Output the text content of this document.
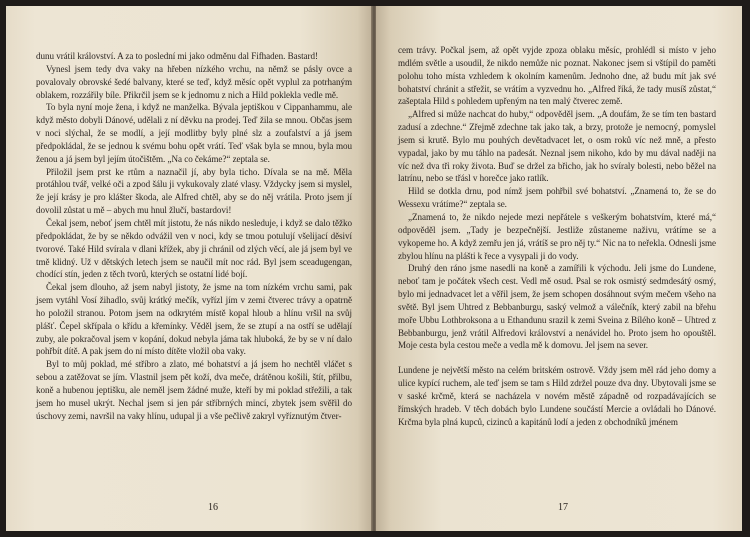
dunu vrátil království. A za to poslední mi jako odměnu dal Fifhaden. Bastard!

Vynesl jsem tedy dva vaky na hřeben nízkého vrchu, na němž se pásly ovce a povalovaly obrovské šedé balvany, které se teď, když měsíc opět vyplul za potrhaným oblakem, rozzářily bíle. Přikrčil jsem se k jednomu z nich a Hild poklekla vedle mě.

To byla nyní moje žena, i když ne manželka. Bývala jeptiškou v Cippanhammu, ale když město dobyli Dánové, udělali z ní děvku na prodej. Teď žila se mnou. Občas jsem v noci slýchal, že se modlí, a její modlitby byly plné slz a zoufalství a já jsem předpokládal, že se jednou k svému bohu opět vrátí. Teď však byla se mnou, byla mou ženou a já jsem byl jejím útočištěm. „Na co čekáme?“ zeptala se.

Přiložil jsem prst ke rtům a naznačil jí, aby byla ticho. Dívala se na mě. Měla protáhlou tvář, velké oči a zpod šálu ji vykukovaly zlaté vlasy. Vždycky jsem si myslel, že její krásy je pro klášter škoda, ale Alfred chtěl, aby se do něj vrátila. Proto jsem jí dovolil zůstat u mě – abych mu hnul žlučí, bastardovi!

Čekal jsem, neboť jsem chtěl mít jistotu, že nás nikdo nesleduje, i když se dalo těžko předpokládat, že by se někdo odvážil ven v noci, kdy se tmou potulují všelijací děsiví tvorové. Také Hild svírala v dlani křížek, aby ji chránil od zlých věcí, ale já jsem byl ve tmě klidný. Už v dětských letech jsem se naučil mít noc rád. Byl jsem sceadugengan, chodící stín, jeden z těch tvorů, kterých se ostatní lidé bojí.

Čekal jsem dlouho, až jsem nabyl jistoty, že jsme na tom nízkém vrchu sami, pak jsem vytáhl Vosí žihadlo, svůj krátký mečík, vyřízl jím v zemi čtverec trávy a opatrně ho položil stranou. Potom jsem na odkrytém místě kopal hloub a hlínu vršil na svůj plášť. Čepel skřípala o křídu a křemínky. Věděl jsem, že se ztupí a na ostří se udělají zuby, ale pokračoval jsem v kopání, dokud nebyla jáma tak hluboká, že by se v ní dalo pohřbít dítě. A pak jsem do ní místo dítěte vložil oba vaky.

Byl to můj poklad, mé stříbro a zlato, mé bohatství a já jsem ho nechtěl vláčet s sebou a zatěžovat se jím. Vlastnil jsem pět koží, dva meče, drátěnou košili, štít, přilbu, koně a hubenou jeptišku, ale neměl jsem žádné muže, kteří by mi poklad střežili, a tak jsem ho musel ukrýt. Nechal jsem si jen pár stříbrných mincí, zbytek jsem svěřil do úschovy zemi, navršil na vaky hlínu, udupal ji a vše pečlivě zakryl vyříznutým čtver-

16

cem trávy. Počkal jsem, až opět vyjde zpoza oblaku měsíc, prohlédl si místo v jeho mdlém světle a usoudil, že nikdo nemůže nic poznat. Nakonec jsem si vštípil do paměti polohu toho místa vzhledem k okolním kamenům. Jednoho dne, až budu mít jak své bohatství chránit a střežit, se vrátím a vyzvednu ho. „Alfred říká, že tady musíš zůstat,“ zašeptala Hild s pohledem upřeným na ten malý čtverec země.

„Alfred si může nachcat do huby,“ odpověděl jsem. „A doufám, že se tím ten bastard zadusí a zdechne.“ Zřejmě zdechne tak jako tak, a brzy, protože je nemocný, pomyslel jsem si krutě. Bylo mu pouhých devětadvacet let, o osm roků víc než mně, a přesto vypadal, jako by mu táhlo na padesát. Neznal jsem nikoho, kdo by mu dával naději na víc než dva tři roky života. Buď se držel za břicho, jak ho svíraly bolesti, nebo běžel na latrínu, nebo se třásl v horečce jako ratlík.

Hild se dotkla drnu, pod nímž jsem pohřbil své bohatství. „Znamená to, že se do Wessexu vrátíme?“ zeptala se.

„Znamená to, že nikdo nejede mezi nepřátele s veškerým bohatstvím, které má,“ odpověděl jsem. „Tady je bezpečnější. Jestliže zůstaneme naživu, vrátíme se a vykopeme ho. A když zemřu jen já, vrátíš se pro něj ty.“ Nic na to neřekla. Odnesli jsme zbylou hlínu na plášti k řece a vysypali ji do vody.

Druhý den ráno jsme nasedli na koně a zamířili k východu. Jeli jsme do Lundene, neboť tam je počátek všech cest. Vedl mě osud. Psal se rok osmistý sedmdesátý osmý, bylo mi jednadvacet let a věřil jsem, že jsem schopen dosáhnout svým mečem všeho na světě. Byl jsem Uhtred z Bebbanburgu, saský velmož a válečník, který zabil na břehu moře Ubbu Lothbroksona a u Ethandunu srazil k zemi Sveina z Bílého koně – Uhtred z Bebbanburgu, jenž vrátil Alfredovi království a nenávidel ho. Proto jsem ho opouštěl. Moje cesta byla cestou meče a vedla mě k domovu. Jel jsem na sever.

Lundene je největší město na celém britském ostrově. Vždy jsem měl rád jeho domy a ulice kypící ruchem, ale teď jsem se tam s Hild zdržel pouze dva dny. Ubytovali jsme se v saské krčmě, která se nacházela v novém městě západně od rozpadávajících se římských hradeb. V těch dobách bylo Lundene součástí Mercie a ovládali ho Dánové. Krčma byla plná kupců, cizinců a kapitánů lodí a jeden z obchodníků jménem

17
